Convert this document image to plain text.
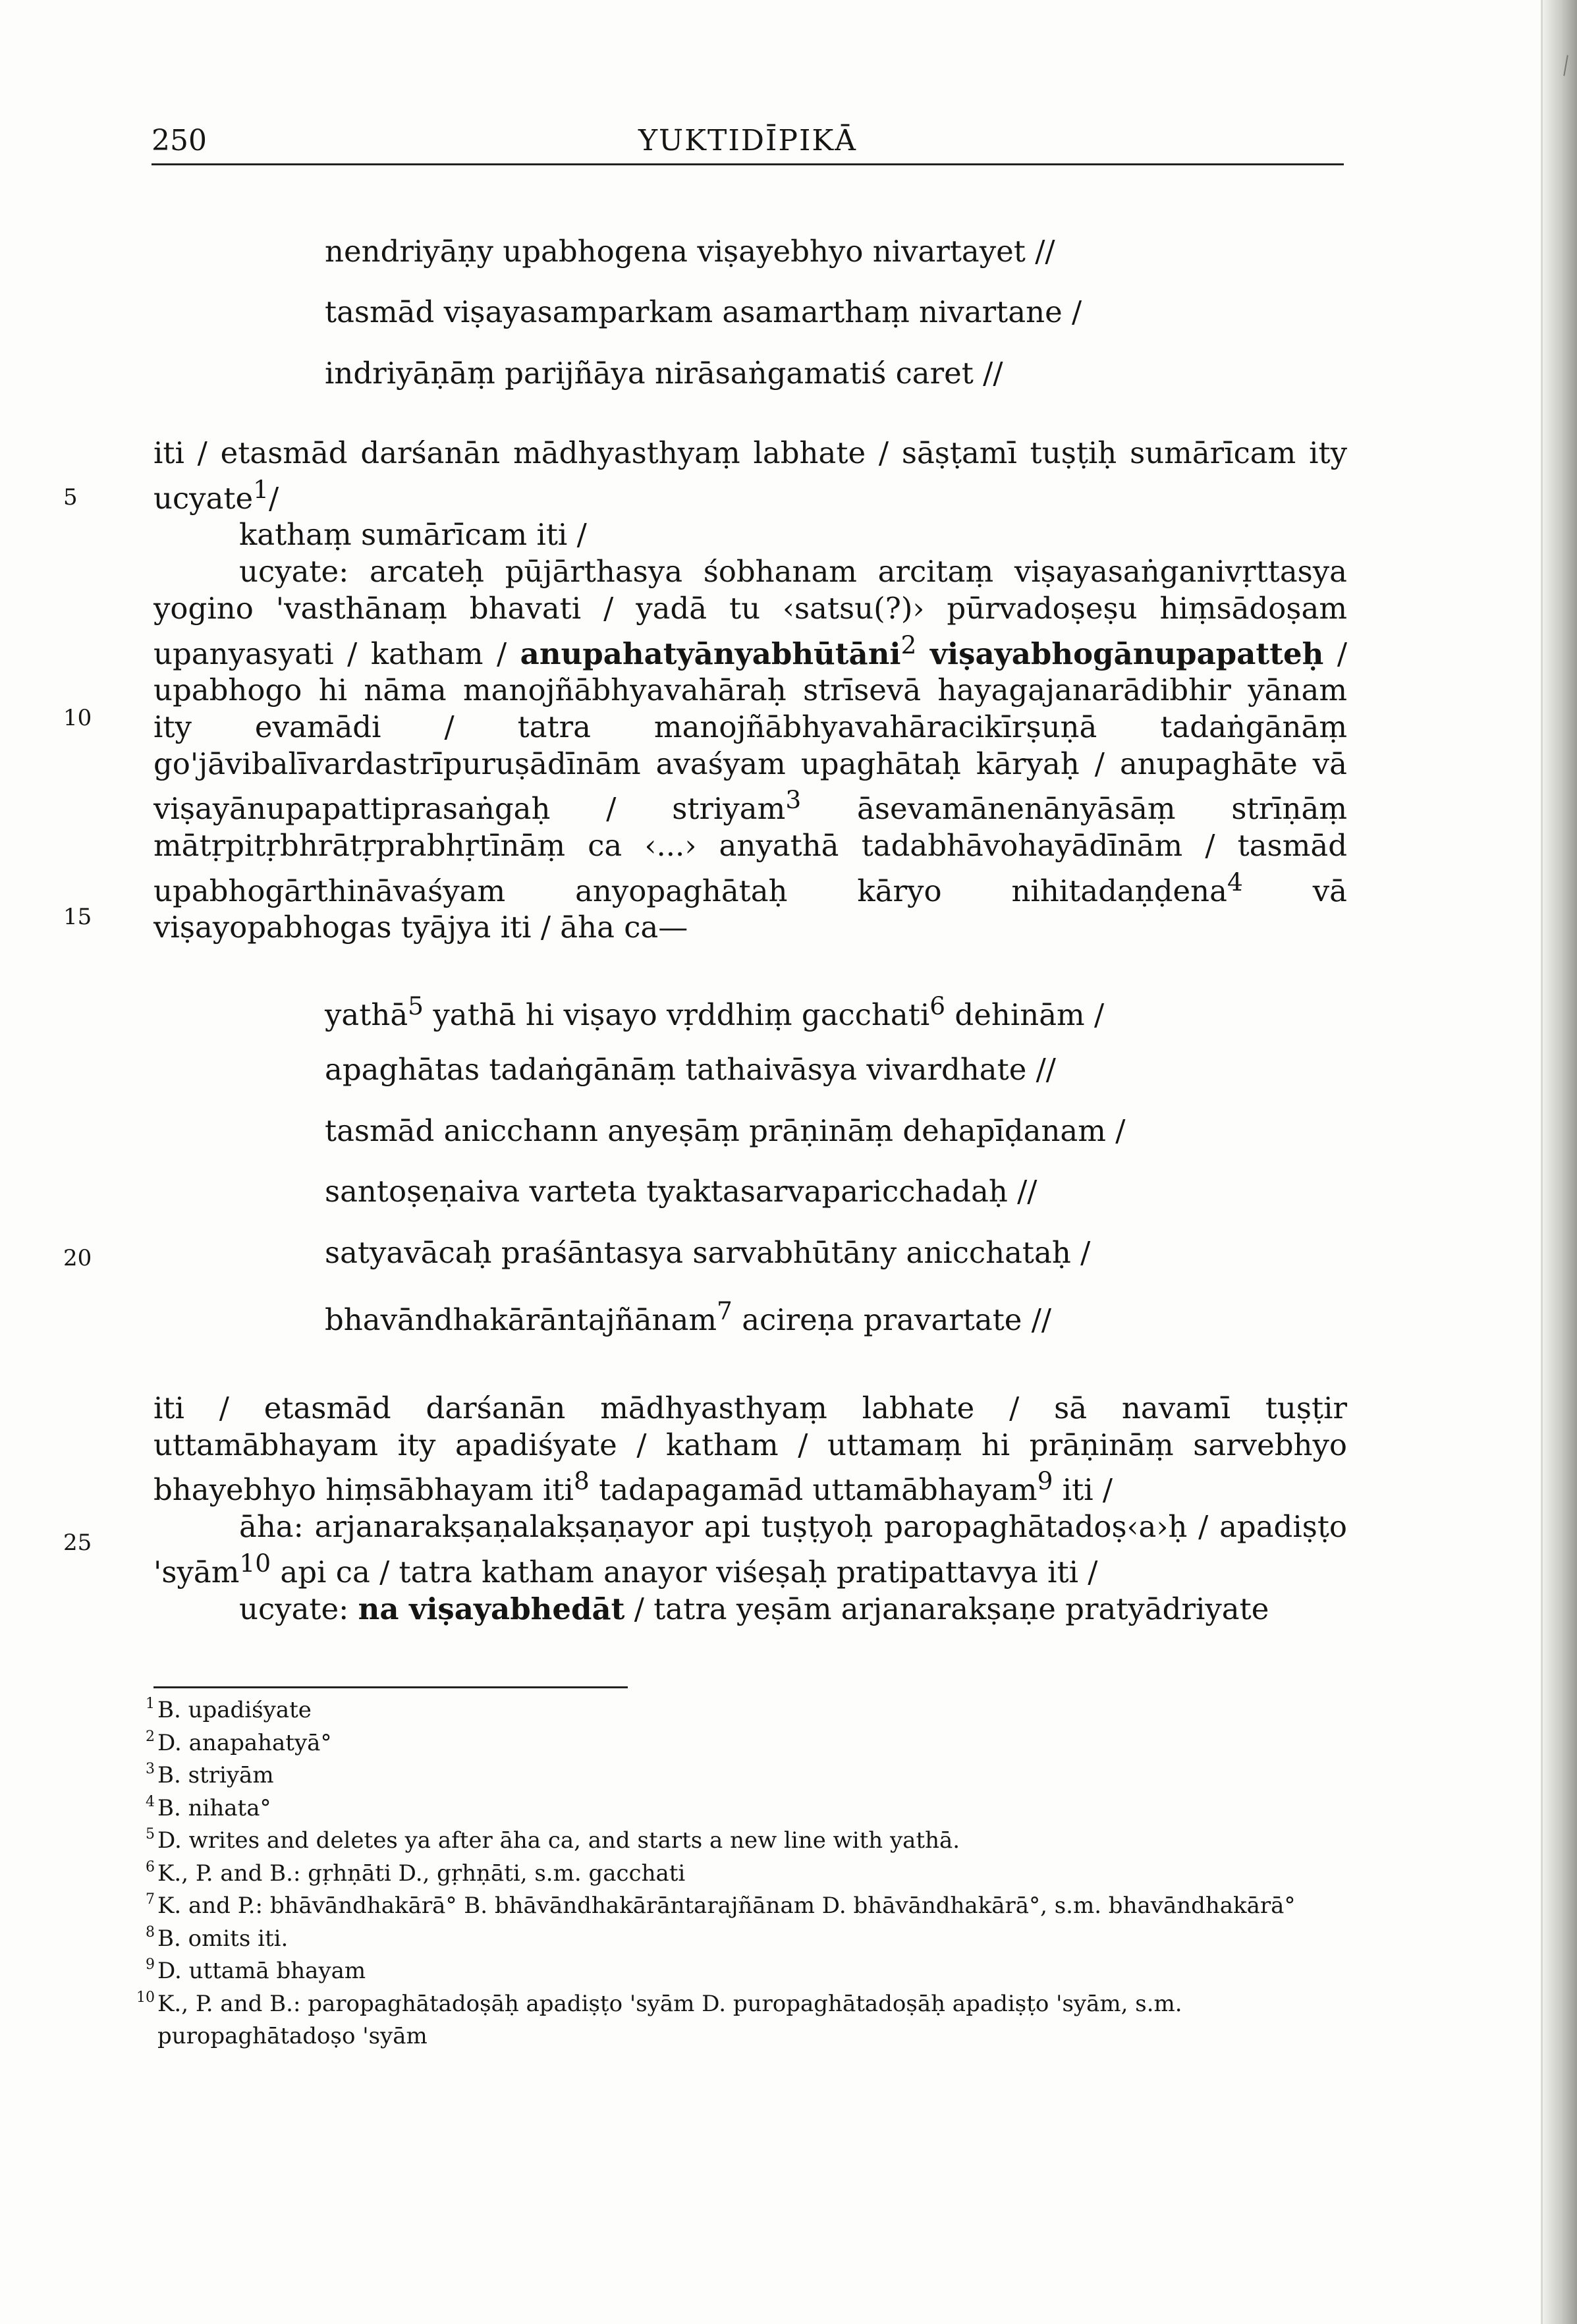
250	YUKTIDĪPIKĀ
nendriyāṇy upabhogena viṣayebhyo nivartayet //
tasmād viṣayasamparkam asamarthaṃ nivartane /
indriyāṇāṃ parijñāya nirāsaṅgamatiś caret //

iti / etasmād darśanān mādhyasthyaṃ labhate / sāṣṭamī tuṣṭiḥ sumārīcam ity ucyate$^1$/

kathaṃ sumārīcam iti /

ucyate: arcateḥ pūjārthasya śobhanam arcitaṃ viṣayasaṅganivṛttasya yogino 'vasthānaṃ bhavati / yadā tu ‹satsu(?)› pūrvadoṣeṣu hiṃsādoṣam upanyasyati / katham / anupahatyānyabhūtāni$^2$ viṣayabhogānupapatteḥ / upabhogo hi nāma manojñābhyavahāraḥ strīsevā hayagajanarādibhir yānam ity evamādi / tatra manojñābhyavahāracikīrṣuṇā tadaṅgānāṃ go'jāvibalīvardastrīpuruṣādīnām avaśyam upaghātaḥ kāryaḥ / anupaghāte vā viṣayānupapattiprasaṅgaḥ / striyam$^3$ āsevamānenānyāsāṃ strīṇāṃ mātṛpitṛbhrātṛprabhṛtīnāṃ ca ‹...› anyathā tadabhāvohayādīnām / tasmād upabhogārthināvaśyam anyopaghātaḥ kāryo nihitadaṇḍena$^4$ vā viṣayopabhogas tyājya iti / āha ca—

yathā$^5$ yathā hi viṣayo vṛddhiṃ gacchati$^6$ dehinām /
apaghātas tadaṅgānāṃ tathaivāsya vivardhate //
tasmād anicchann anyeṣāṃ prāṇināṃ dehapīḍanam /
santoṣeṇaiva varteta tyaktasarvaparicchadaḥ //
satyavācaḥ praśāntasya sarvabhūtāny anicchataḥ /
bhavāndhakārāntajñānam$^7$ acireṇa pravartate //

iti / etasmād darśanān mādhyasthyaṃ labhate / sā navamī tuṣṭir uttamābhayam ity apadiśyate / katham / uttamaṃ hi prāṇināṃ sarvebhyo bhayebhyo hiṃsābhayam iti$^8$ tadapagamād uttamābhayam$^9$ iti /

āha: arjanarakṣaṇalakṣaṇayor api tuṣṭyoḥ paropaghātadoṣ‹a›ḥ / apadiṣṭo 'syām$^{10}$ api ca / tatra katham anayor viśeṣaḥ pratipattavya iti /

ucyate: na viṣayabhedāt / tatra yeṣām arjanarakṣaṇe pratyādriyate

5
10
15
20
25
1 B. upadiśyate
2 D. anapahatyā°
3 B. striyām
4 B. nihata°
5 D. writes and deletes ya after āha ca, and starts a new line with yathā.
6 K., P. and B.: gṛhṇāti D., gṛhṇāti, s.m. gacchati
7 K. and P.: bhāvāndhakārā° B. bhāvāndhakārāntarajñānam D. bhāvāndhakārā°, s.m. bhavāndhakārā°
8 B. omits iti.
9 D. uttamā bhayam
10 K., P. and B.: paropaghātadoṣāḥ apadiṣṭo 'syām D. puropaghātadoṣāḥ apadiṣṭo 'syām, s.m. puropaghātadoṣo 'syām
